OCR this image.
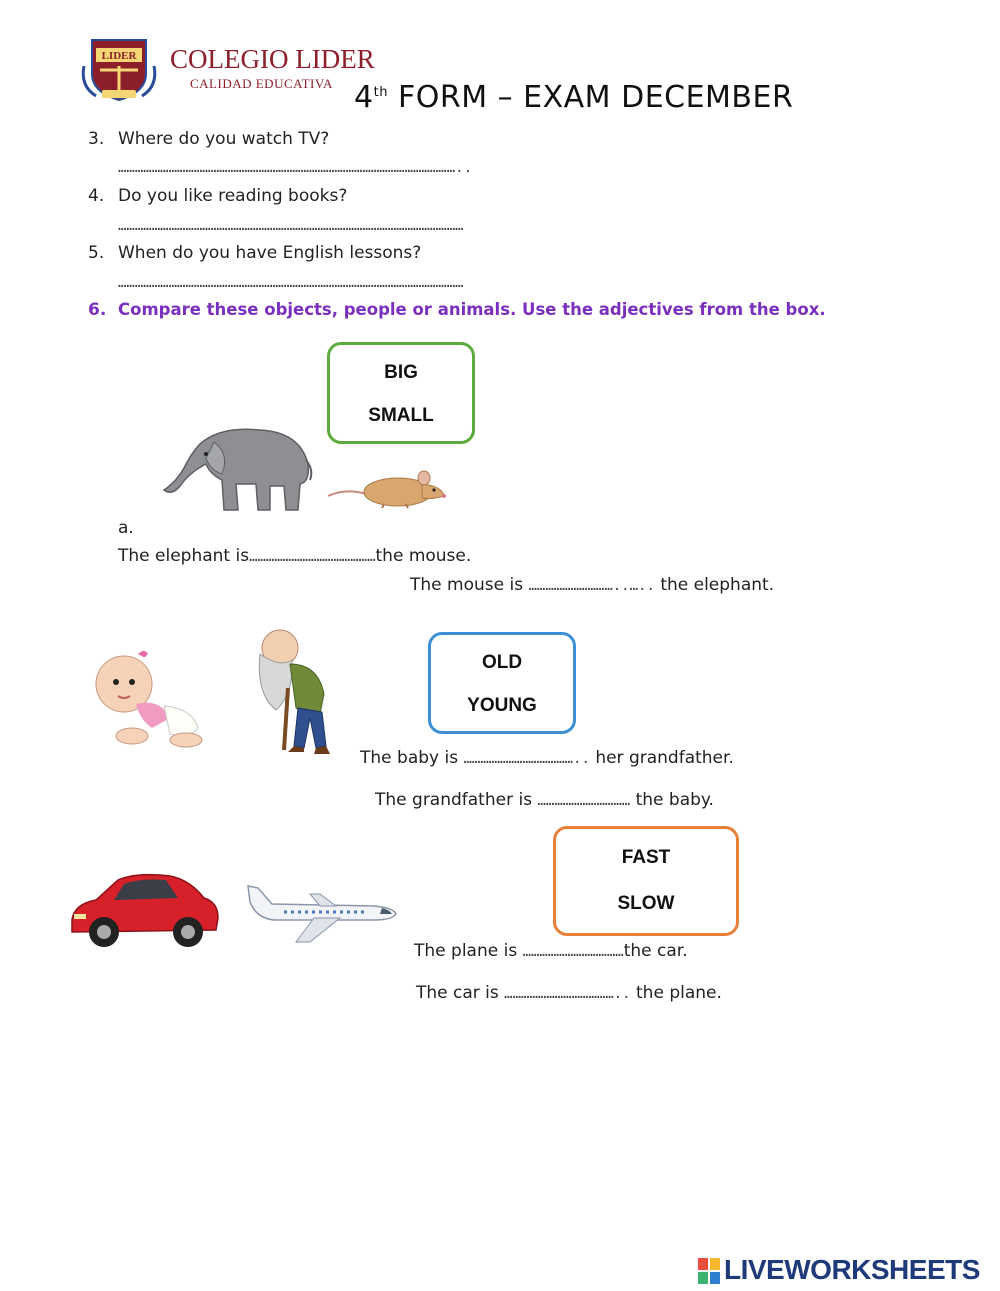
LIDER COLEGIO LIDER
CALIDAD EDUCATIVA 4th FORM – EXAM DECEMBER
3. Where do you watch TV?
…………………………………………………………………………………………………………..
4. Do you like reading books?
……………………………………………………………………………………………………………
5. When do you have English lessons?
……………………………………………………………………………………………………………
6. Compare these objects, people or animals. Use the adjectives from the box.
BIG
SMALL
a.
The elephant is………………………………………the mouse.
The mouse is …………………………..….. the elephant.
OLD
YOUNG
The baby is ………………………………….. her grandfather.
The grandfather is …………………………… the baby.
FAST
SLOW
The plane is ………………………………the car.
The car is ………………………………….. the plane.
LIVEWORKSHEETS
